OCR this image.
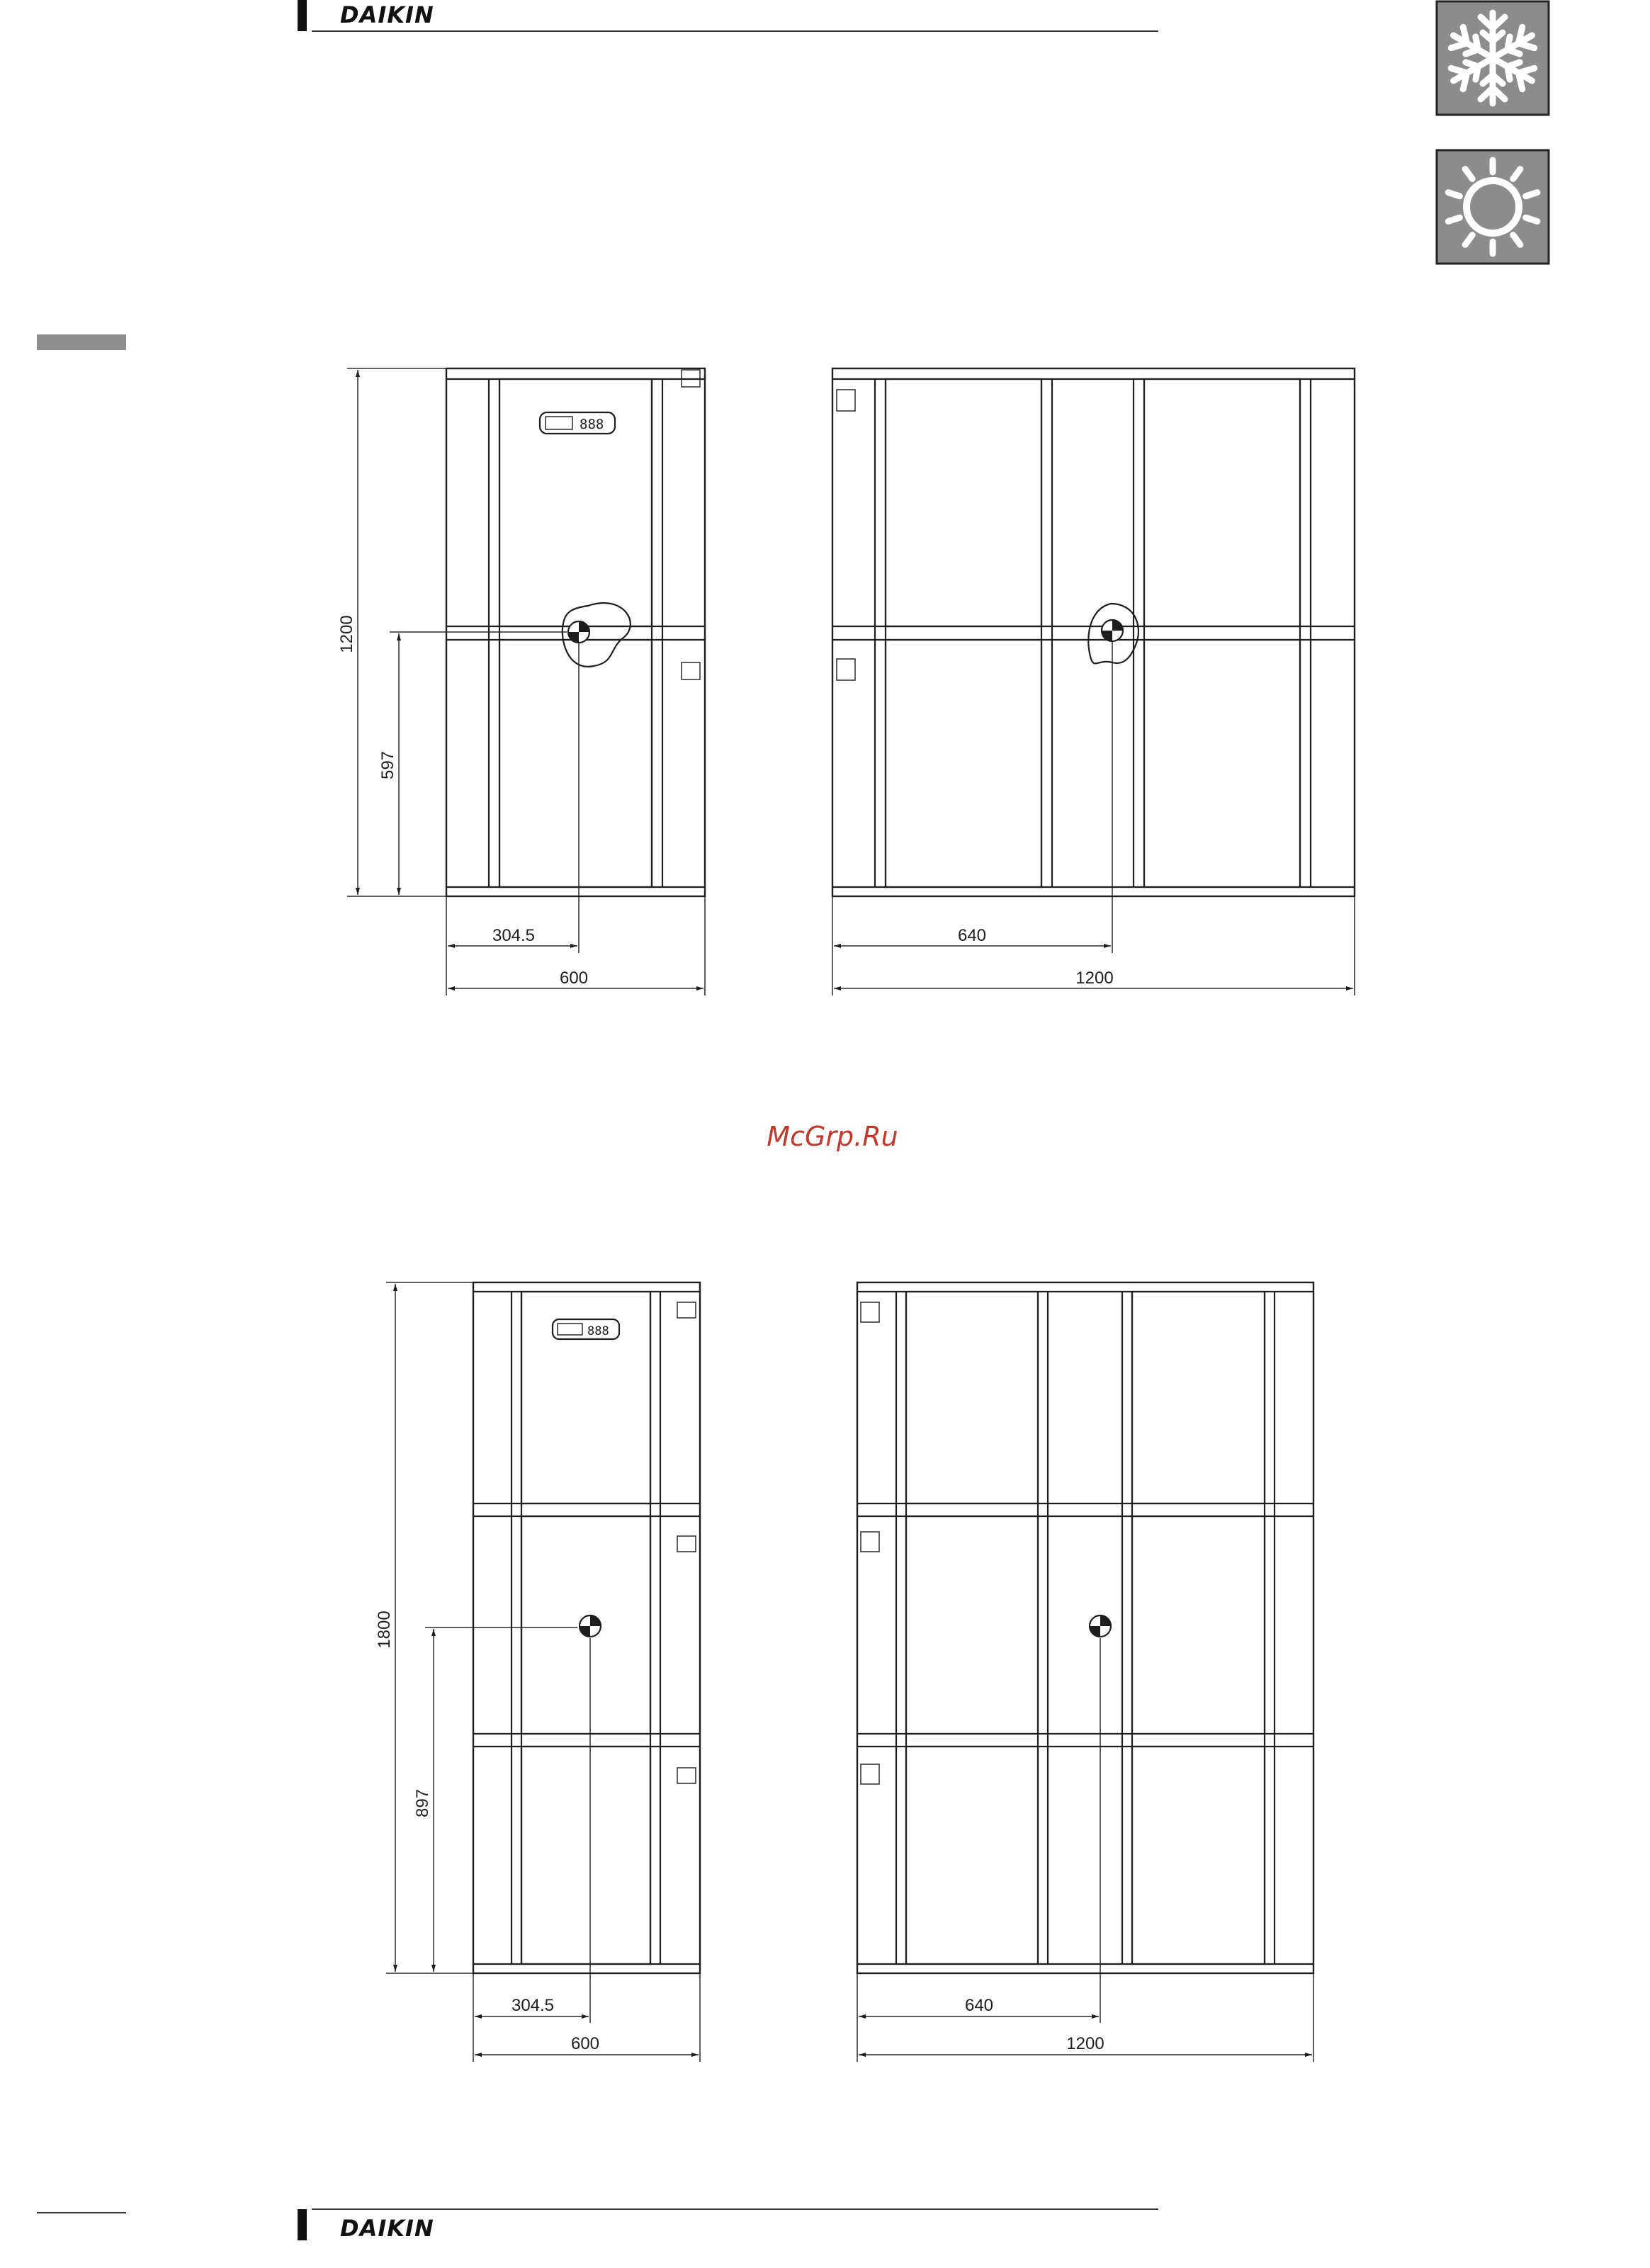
DAIKIN
888
1200
597
304.5
600
640
1200
McGrp.Ru
888
1800
897
304.5
600
640
1200
DAIKIN
